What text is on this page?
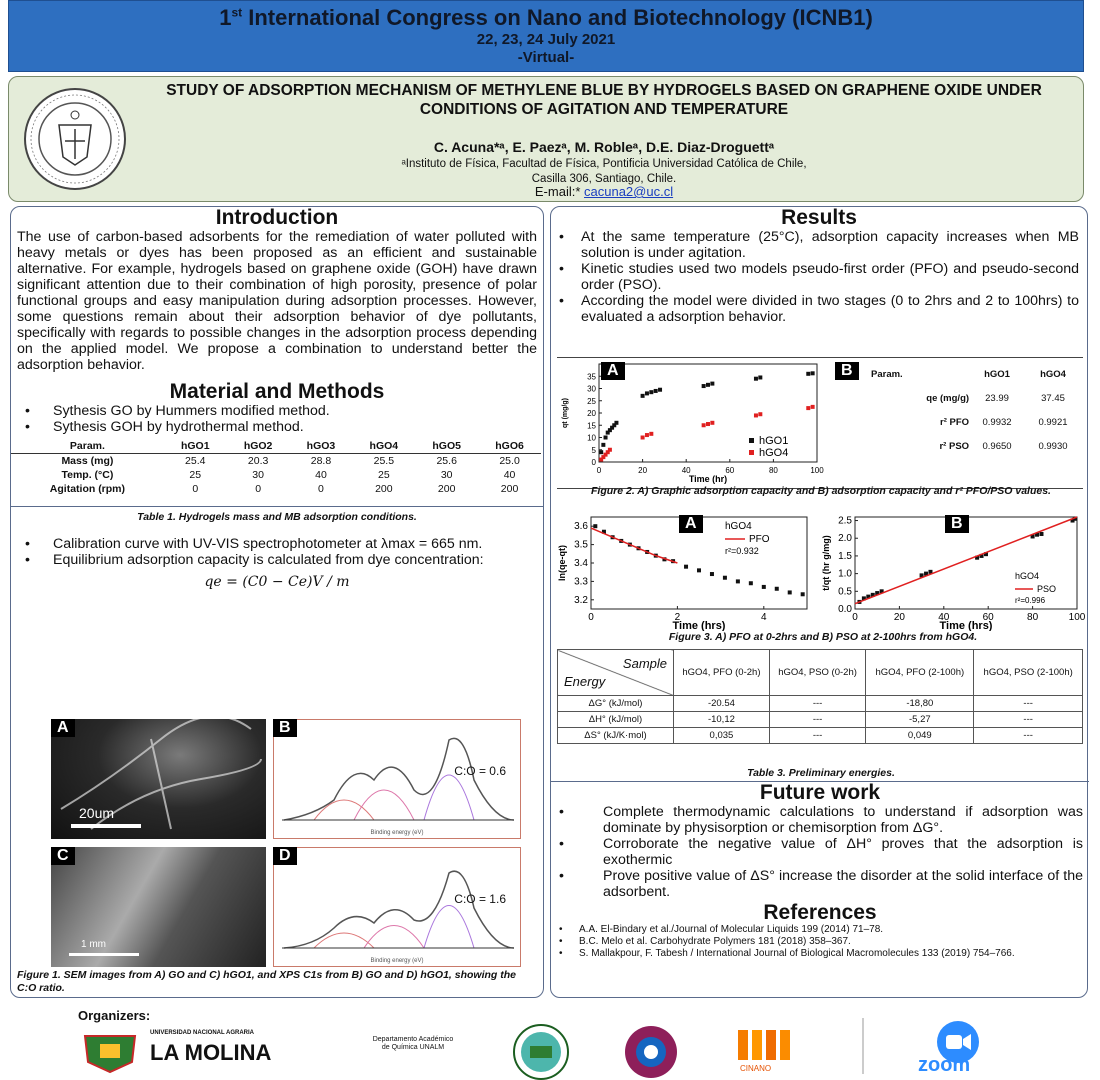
1st International Congress on Nano and Biotechnology (ICNB1)
22, 23, 24 July 2021
-Virtual-
STUDY OF ADSORPTION MECHANISM OF METHYLENE BLUE BY HYDROGELS BASED ON GRAPHENE OXIDE UNDER CONDITIONS OF AGITATION AND TEMPERATURE
C. Acuna*ᵃ, E. Paezᵃ, M. Robleᵃ, D.E. Diaz-Droguettᵃ
ᵃInstituto de Física, Facultad de Física, Pontificia Universidad Católica de Chile,
Casilla 306, Santiago, Chile.
E-mail:* cacuna2@uc.cl
Introduction
The use of carbon-based adsorbents for the remediation of water polluted with heavy metals or dyes has been proposed as an efficient and sustainable alternative. For example, hydrogels based on graphene oxide (GOH) have drawn significant attention due to their combination of high porosity, presence of polar functional groups and easy manipulation during adsorption processes. However, some questions remain about their adsorption behavior of dye pollutants, specifically with regards to possible changes in the adsorption process depending on the applied model. We propose a combination to understand better the adsorption behavior.
Material and Methods
• Sythesis GO by Hummers modified method.
• Sythesis GOH by hydrothermal method.
Param.	hGO1	hGO2	hGO3	hGO4	hGO5	hGO6
Mass (mg)	25.4	20.3	28.8	25.5	25.6	25.0
Temp. (°C)	25	30	40	25	30	40
Agitation (rpm)	0	0	0	200	200	200
Table 1. Hydrogels mass and MB adsorption conditions.
• Calibration curve with UV-VIS spectrophotometer at λmax = 665 nm.
• Equilibrium adsorption capacity is calculated from dye concentration:
qe = (C0 − Ce)V / m
A
20um
B
C:O = 0.6
Binding energy (eV)
C
1 mm
D
C:O = 1.6
Binding energy (eV)
Figure 1. SEM images from A) GO and C) hGO1, and XPS C1s from B) GO and D) hGO1, showing the C:O ratio.
Results
• At the same temperature (25°C), adsorption capacity increases when MB solution is under agitation.
• Kinetic studies used two models pseudo-first order (PFO) and pseudo-second order (PSO).
• According the model were divided in two stages (0 to 2hrs and 2 to 100hrs) to evaluated a adsorption behavior.
0	20	40	60	80	100
0
5
10
15
20
25
30
35
Time (hr)
qt (mg/g)
hGO1
hGO4
A	B	Param.	hGO1	hGO4
qe (mg/g)	23.99	37.45
r² PFO	0.9932	0.9921
r² PSO	0.9650	0.9930
Figure 2. A) Graphic adsorption capacity and B) adsorption capacity and r² PFO/PSO values.
0	2	4
3.2
3.3
3.4
3.5
3.6
Time (hrs)
ln(qe-qt)
hGO4
PFO
r²=0.932
0	20	40	60	80	100
0.0
0.5
1.0
1.5
2.0
2.5
Time (hrs)
t/qt (hr g/mg)	hGO4
PSO
r²=0.996
A	B
Figure 3. A) PFO at 0-2hrs and B) PSO at 2-100hrs from hGO4.
Sample
Energy	hGO4, PFO (0-2h)	hGO4, PSO (0-2h)	hGO4, PFO (2-100h)	hGO4, PSO (2-100h)
ΔG° (kJ/mol)	-20.54	---	-18,80	---
ΔH° (kJ/mol)	-10,12	---	-5,27	---
ΔS° (kJ/K·mol)	0,035	---	0,049	---
Table 3. Preliminary energies.
Future work
• Complete thermodynamic calculations to understand if adsorption was dominate by physisorption or chemisorption from ΔG°.
• Corroborate the negative value of ΔH° proves that the adsorption is exothermic
• Prove positive value of ΔS° increase the disorder at the solid interface of the adsorbent.
References
• A.A. El-Bindary et al./Journal of Molecular Liquids 199 (2014) 71–78.
• B.C. Melo et al. Carbohydrate Polymers 181 (2018) 358–367.
• S. Mallakpour, F. Tabesh / International Journal of Biological Macromolecules 133 (2019) 754–766.
Organizers:
UNIVERSIDAD NACIONAL AGRARIA
LA MOLINA
Departamento Académico de Química UNALM
CINANO	zoom
